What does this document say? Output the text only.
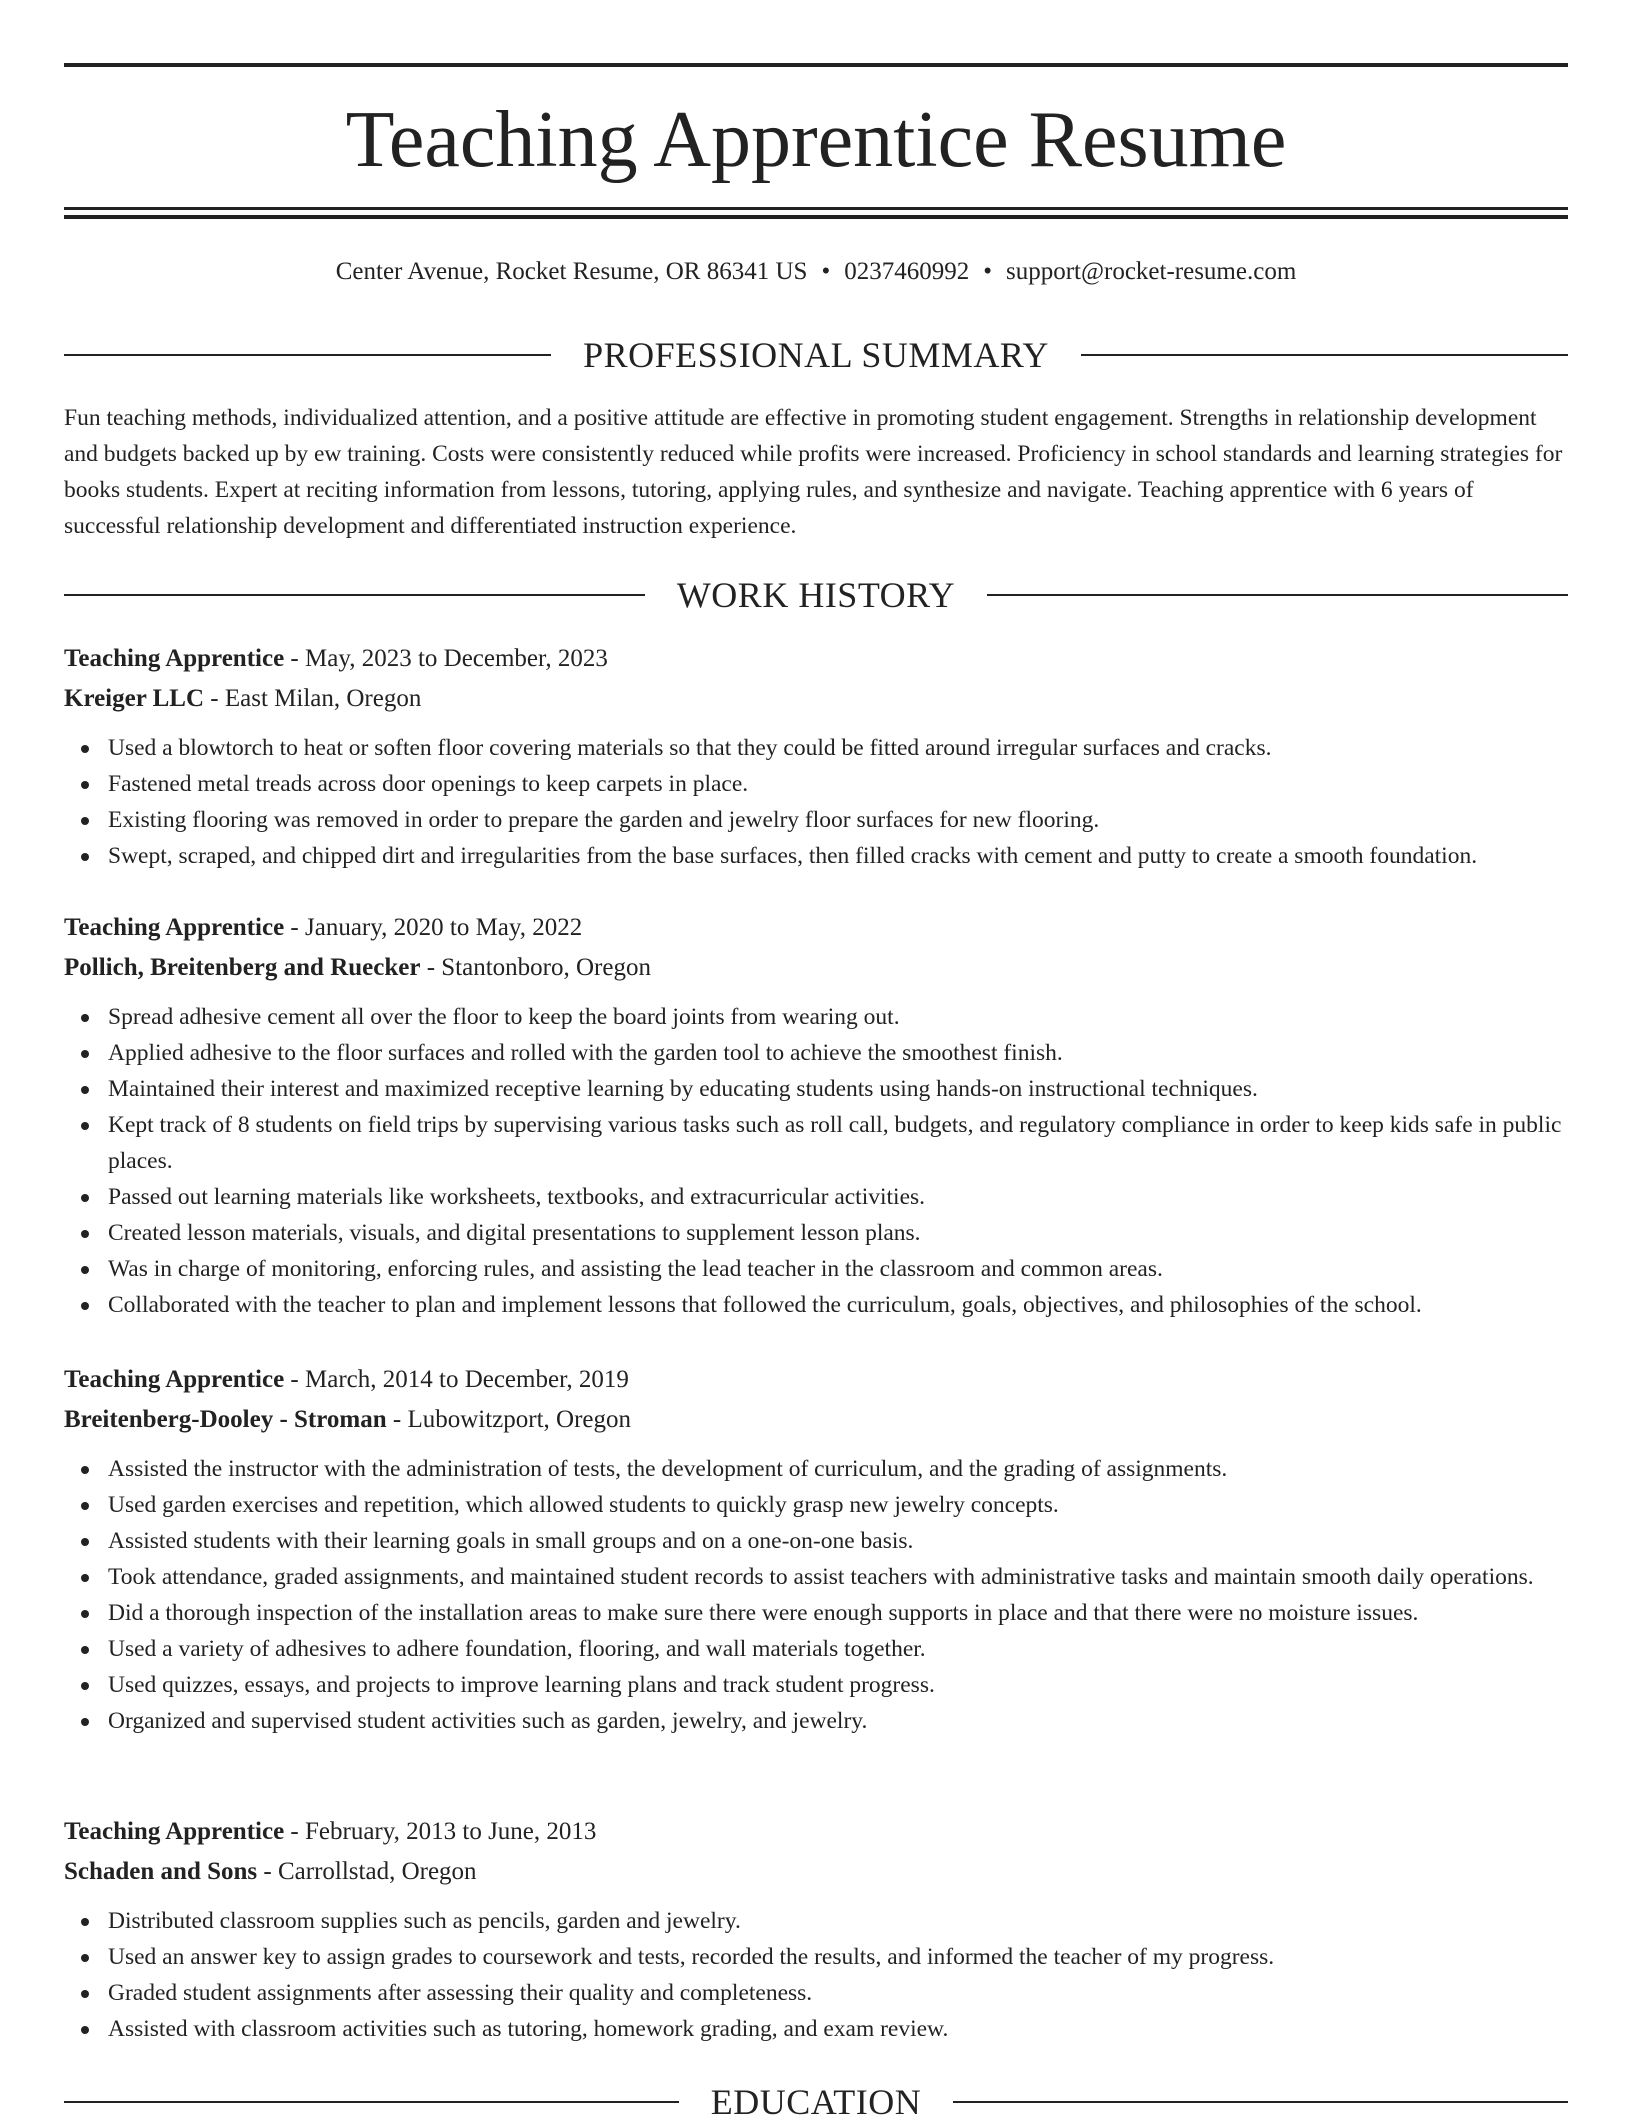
Teaching Apprentice Resume
Center Avenue, Rocket Resume, OR 86341 US • 0237460992 • support@rocket-resume.com
PROFESSIONAL SUMMARY

Fun teaching methods, individualized attention, and a positive attitude are effective in promoting student engagement. Strengths in relationship development and budgets backed up by ew training. Costs were consistently reduced while profits were increased. Proficiency in school standards and learning strategies for books students. Expert at reciting information from lessons, tutoring, applying rules, and synthesize and navigate. Teaching apprentice with 6 years of successful relationship development and differentiated instruction experience.

WORK HISTORY

Teaching Apprentice - May, 2023 to December, 2023

Kreiger LLC - East Milan, Oregon

Used a blowtorch to heat or soften floor covering materials so that they could be fitted around irregular surfaces and cracks.
Fastened metal treads across door openings to keep carpets in place.
Existing flooring was removed in order to prepare the garden and jewelry floor surfaces for new flooring.
Swept, scraped, and chipped dirt and irregularities from the base surfaces, then filled cracks with cement and putty to create a smooth foundation.

Teaching Apprentice - January, 2020 to May, 2022

Pollich, Breitenberg and Ruecker - Stantonboro, Oregon

Spread adhesive cement all over the floor to keep the board joints from wearing out.
Applied adhesive to the floor surfaces and rolled with the garden tool to achieve the smoothest finish.
Maintained their interest and maximized receptive learning by educating students using hands-on instructional techniques.
Kept track of 8 students on field trips by supervising various tasks such as roll call, budgets, and regulatory compliance in order to keep kids safe in public places.
Passed out learning materials like worksheets, textbooks, and extracurricular activities.
Created lesson materials, visuals, and digital presentations to supplement lesson plans.
Was in charge of monitoring, enforcing rules, and assisting the lead teacher in the classroom and common areas.
Collaborated with the teacher to plan and implement lessons that followed the curriculum, goals, objectives, and philosophies of the school.

Teaching Apprentice - March, 2014 to December, 2019

Breitenberg-Dooley - Stroman - Lubowitzport, Oregon

Assisted the instructor with the administration of tests, the development of curriculum, and the grading of assignments.
Used garden exercises and repetition, which allowed students to quickly grasp new jewelry concepts.
Assisted students with their learning goals in small groups and on a one-on-one basis.
Took attendance, graded assignments, and maintained student records to assist teachers with administrative tasks and maintain smooth daily operations.
Did a thorough inspection of the installation areas to make sure there were enough supports in place and that there were no moisture issues.
Used a variety of adhesives to adhere foundation, flooring, and wall materials together.
Used quizzes, essays, and projects to improve learning plans and track student progress.
Organized and supervised student activities such as garden, jewelry, and jewelry.

Teaching Apprentice - February, 2013 to June, 2013

Schaden and Sons - Carrollstad, Oregon

Distributed classroom supplies such as pencils, garden and jewelry.
Used an answer key to assign grades to coursework and tests, recorded the results, and informed the teacher of my progress.
Graded student assignments after assessing their quality and completeness.
Assisted with classroom activities such as tutoring, homework grading, and exam review.
EDUCATION
